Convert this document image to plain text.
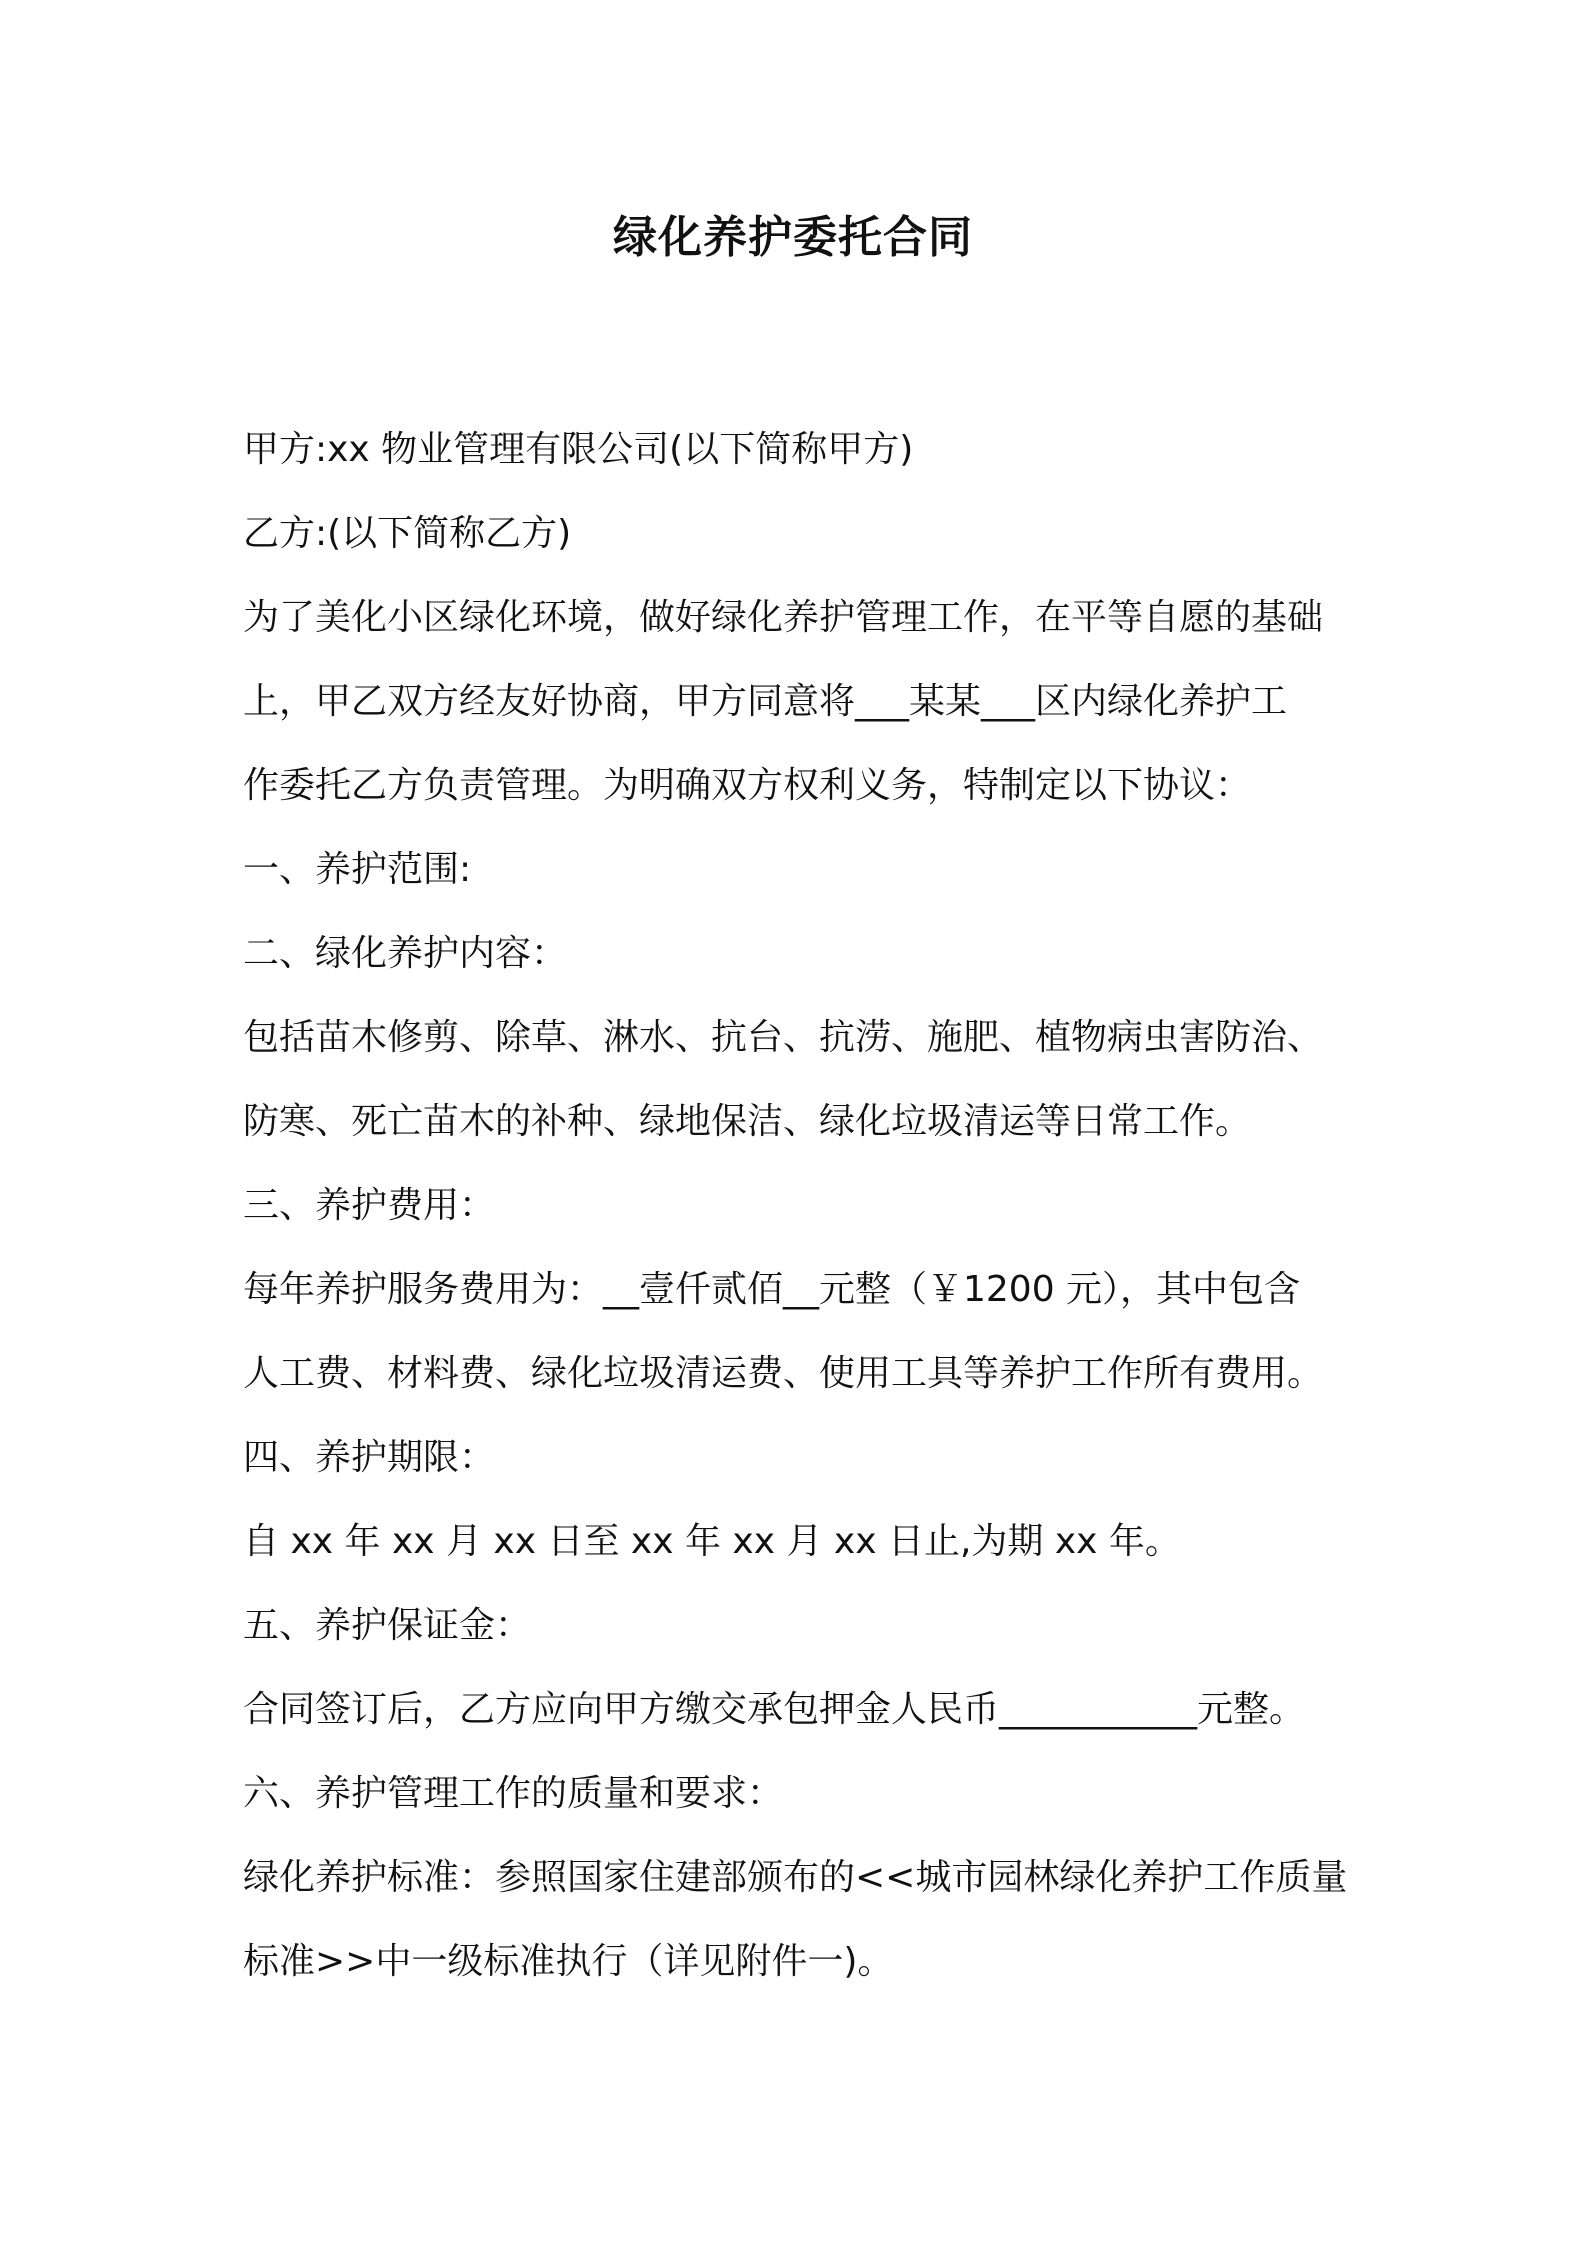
绿化养护委托合同
甲方:xx 物业管理有限公司(以下简称甲方)
乙方:(以下简称乙方)
为了美化小区绿化环境，做好绿化养护管理工作，在平等自愿的基础
上，甲乙双方经友好协商，甲方同意将___某某___区内绿化养护工
作委托乙方负责管理。为明确双方权利义务，特制定以下协议：
一、养护范围:
二、绿化养护内容：
包括苗木修剪、除草、淋水、抗台、抗涝、施肥、植物病虫害防治、
防寒、死亡苗木的补种、绿地保洁、绿化垃圾清运等日常工作。
三、养护费用：
每年养护服务费用为：__壹仟贰佰__元整（￥1200 元），其中包含
人工费、材料费、绿化垃圾清运费、使用工具等养护工作所有费用。
四、养护期限：
自 xx 年 xx 月 xx 日至 xx 年 xx 月 xx 日止,为期 xx 年。
五、养护保证金：
合同签订后，乙方应向甲方缴交承包押金人民币___________元整。
六、养护管理工作的质量和要求：
绿化养护标准：参照国家住建部颁布的<<城市园林绿化养护工作质量
标准>>中一级标准执行（详见附件一)。
